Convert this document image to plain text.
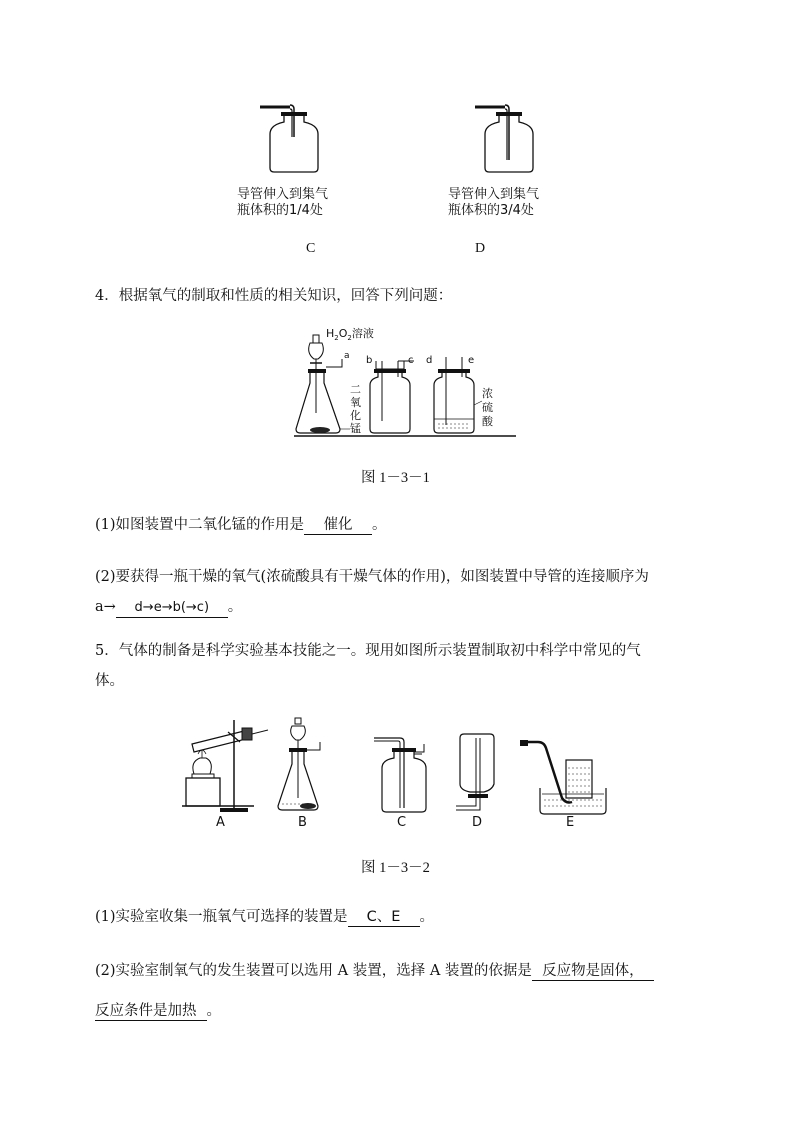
导管伸入到集气
瓶体积的1/4处
C
导管伸入到集气
瓶体积的3/4处
D
4．根据氧气的制取和性质的相关知识，回答下列问题：
$H_2O_2$溶液
a b	c d	e
二
氧
化
锰
浓
硫
酸
图 1－3－1
(1)如图装置中二氧化锰的作用是 催化 。
(2)要获得一瓶干燥的氧气(浓硫酸具有干燥气体的作用)，如图装置中导管的连接顺序为
a→ d→e→b(→c) 。
5．气体的制备是科学实验基本技能之一。现用如图所示装置制取初中科学中常见的气
体。
A	B	C	D	E
图 1－3－2
(1)实验室收集一瓶氧气可选择的装置是 C、E 。
(2)实验室制氧气的发生装置可以选用 A 装置，选择 A 装置的依据是 反应物是固体，
反应条件是加热 。
